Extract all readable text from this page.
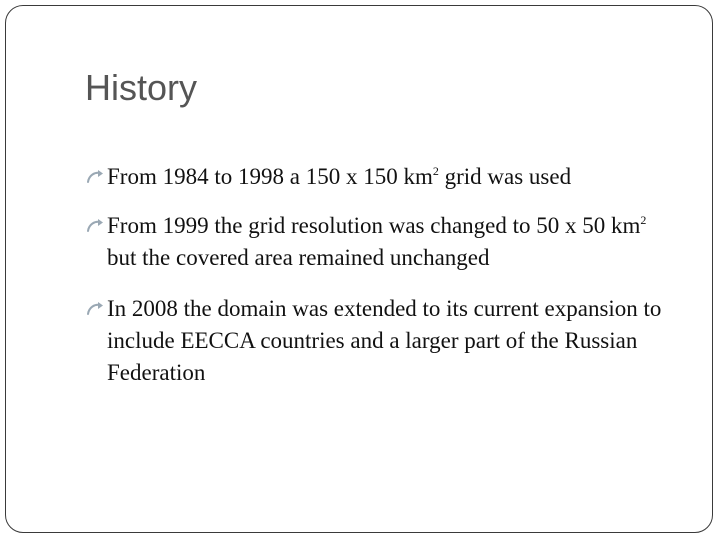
History
From 1984 to 1998 a 150 x 150 $km^2$ grid was used
From 1999 the grid resolution was changed to 50 x 50 $km^2$ but the covered area remained unchanged
In 2008 the domain was extended to its current expansion to include EECCA countries and a larger part of the Russian Federation
